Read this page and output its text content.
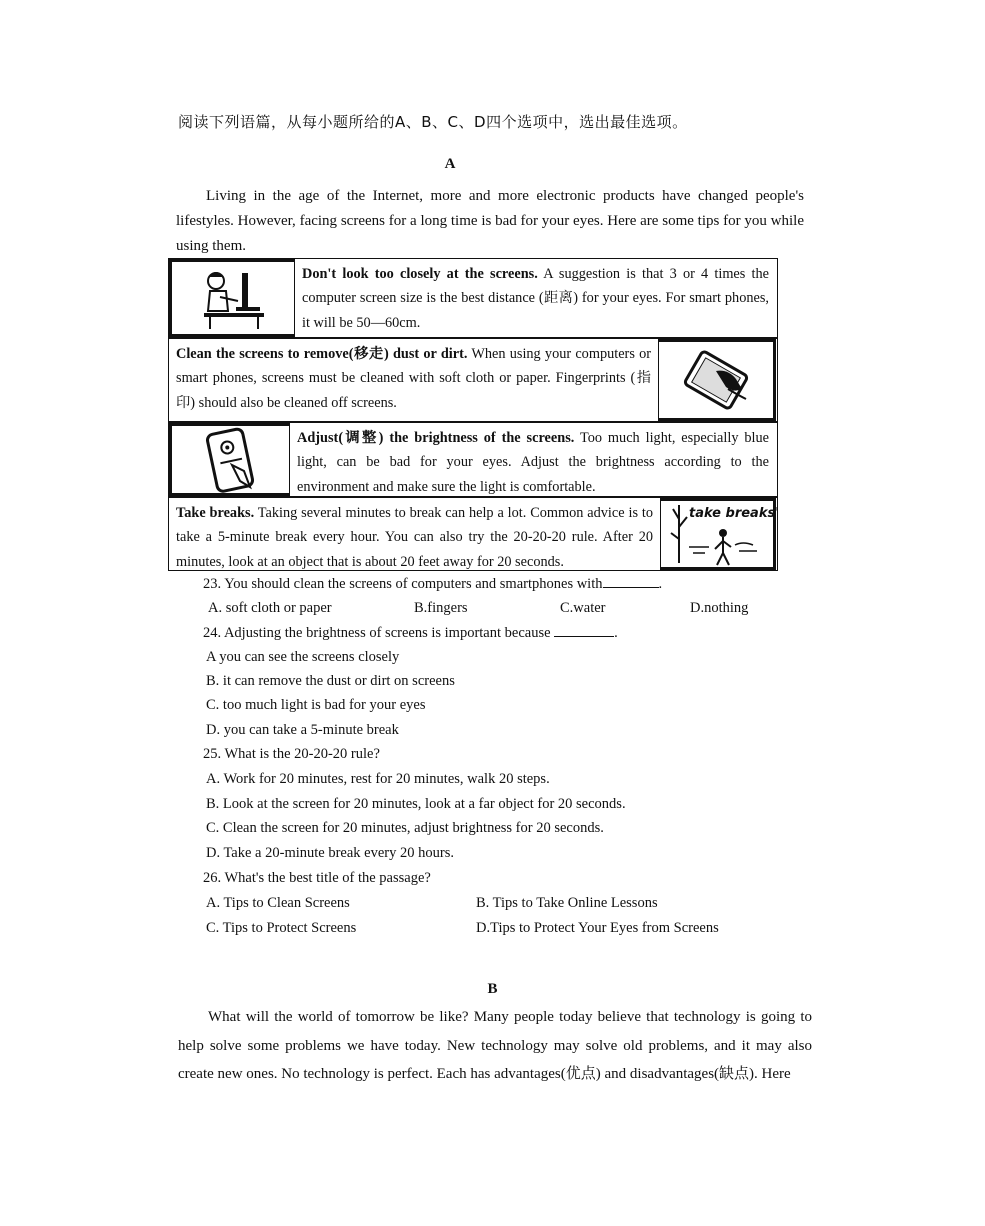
阅读下列语篇，从每小题所给的A、B、C、D四个选项中，选出最佳选项。
A

Living in the age of the Internet, more and more electronic products have changed people's lifestyles. However, facing screens for a long time is bad for your eyes. Here are some tips for you while using them.

Don't look too closely at the screens. A suggestion is that 3 or 4 times the computer screen size is the best distance (距离) for your eyes. For smart phones, it will be 50—60cm.
Clean the screens to remove(移走) dust or dirt. When using your computers or smart phones, screens must be cleaned with soft cloth or paper. Fingerprints (指印) should also be cleaned off screens.
Adjust(调整) the brightness of the screens. Too much light, especially blue light, can be bad for your eyes. Adjust the brightness according to the environment and make sure the light is comfortable.
Take breaks. Taking several minutes to break can help a lot. Common advice is to take a 5-minute break every hour. You can also try the 20-20-20 rule. After 20 minutes, look at an object that is about 20 feet away for 20 seconds.
take breaks'
23. You should clean the screens of computers and smartphones with	.
A. soft cloth or paper	B.fingers	C.water	D.nothing
24. Adjusting the brightness of screens is important because	.
A you can see the screens closely
B. it can remove the dust or dirt on screens
C. too much light is bad for your eyes
D. you can take a 5-minute break
25. What is the 20-20-20 rule?
A. Work for 20 minutes, rest for 20 minutes, walk 20 steps.
B. Look at the screen for 20 minutes, look at a far object for 20 seconds.
C. Clean the screen for 20 minutes, adjust brightness for 20 seconds.
D. Take a 20-minute break every 20 hours.
26. What's the best title of the passage?
A. Tips to Clean Screens	B. Tips to Take Online Lessons
C. Tips to Protect Screens	D.Tips to Protect Your Eyes from Screens
B

What will the world of tomorrow be like? Many people today believe that technology is going to help solve some problems we have today. New technology may solve old problems, and it may also create new ones. No technology is perfect. Each has advantages(优点) and disadvantages(缺点). Here
